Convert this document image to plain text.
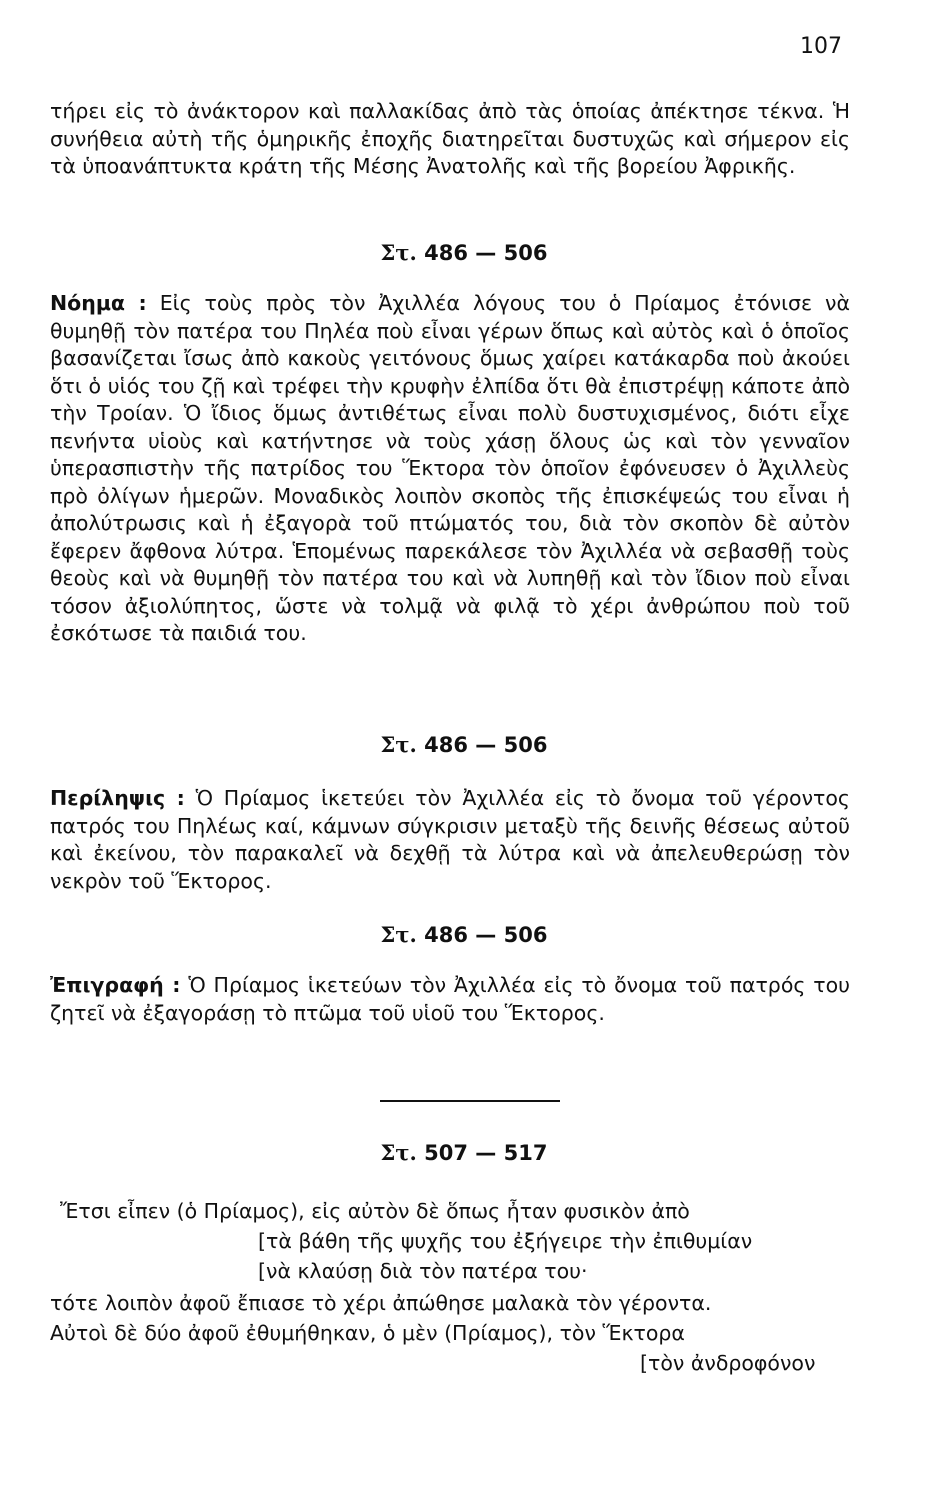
107

τήρει εἰς τὸ ἀνάκτορον καὶ παλλακίδας ἀπὸ τὰς ὁποίας ἀπέκτησε τέκνα. Ἡ συνήθεια αὐτὴ τῆς ὁμηρικῆς ἐποχῆς διατηρεῖται δυστυχῶς καὶ σήμερον εἰς τὰ ὑποανάπτυκτα κράτη τῆς Μέσης Ἀνατολῆς καὶ τῆς βορείου Ἀφρικῆς.

Στ. 486 — 506

Νόημα : Εἰς τοὺς πρὸς τὸν Ἀχιλλέα λόγους του ὁ Πρίαμος ἐτόνισε νὰ θυμηθῇ τὸν πατέρα του Πηλέα ποὺ εἶναι γέρων ὅπως καὶ αὐτὸς καὶ ὁ ὁποῖος βασανίζεται ἴσως ἀπὸ κακοὺς γειτόνους ὅμως χαίρει κατάκαρδα ποὺ ἀκούει ὅτι ὁ υἱός του ζῇ καὶ τρέφει τὴν κρυφὴν ἐλπίδα ὅτι θὰ ἐπιστρέψῃ κάποτε ἀπὸ τὴν Τροίαν. Ὁ ἴδιος ὅμως ἀντιθέτως εἶναι πολὺ δυστυχισμένος, διότι εἶχε πενήντα υἱοὺς καὶ κατήντησε νὰ τοὺς χάσῃ ὅλους ὡς καὶ τὸν γενναῖον ὑπερασπιστὴν τῆς πατρίδος του Ἕκτορα τὸν ὁποῖον ἐφόνευσεν ὁ Ἀχιλλεὺς πρὸ ὀλίγων ἡμερῶν. Μοναδικὸς λοιπὸν σκοπὸς τῆς ἐπισκέψεώς του εἶναι ἡ ἀπολύτρωσις καὶ ἡ ἐξαγορὰ τοῦ πτώματός του, διὰ τὸν σκοπὸν δὲ αὐτὸν ἔφερεν ἄφθονα λύτρα. Ἑπομένως παρεκάλεσε τὸν Ἀχιλλέα νὰ σεβασθῇ τοὺς θεοὺς καὶ νὰ θυμηθῇ τὸν πατέρα του καὶ νὰ λυπηθῇ καὶ τὸν ἴδιον ποὺ εἶναι τόσον ἀξιολύπητος, ὥστε νὰ τολμᾷ νὰ φιλᾷ τὸ χέρι ἀνθρώπου ποὺ τοῦ ἐσκότωσε τὰ παιδιά του.

Στ. 486 — 506

Περίληψις : Ὁ Πρίαμος ἱκετεύει τὸν Ἀχιλλέα εἰς τὸ ὄνομα τοῦ γέροντος πατρός του Πηλέως καί, κάμνων σύγκρισιν μεταξὺ τῆς δεινῆς θέσεως αὐτοῦ καὶ ἐκείνου, τὸν παρακαλεῖ νὰ δεχθῇ τὰ λύτρα καὶ νὰ ἀπελευθερώσῃ τὸν νεκρὸν τοῦ Ἕκτορος.

Στ. 486 — 506

Ἐπιγραφή : Ὁ Πρίαμος ἱκετεύων τὸν Ἀχιλλέα εἰς τὸ ὄνομα τοῦ πατρός του ζητεῖ νὰ ἐξαγοράσῃ τὸ πτῶμα τοῦ υἱοῦ του Ἕκτορος.

Στ. 507 — 517

Ἔτσι εἶπεν (ὁ Πρίαμος), εἰς αὐτὸν δὲ ὅπως ἦταν φυσικὸν ἀπὸ

[τὰ βάθη τῆς ψυχῆς του ἐξήγειρε τὴν ἐπιθυμίαν

[νὰ κλαύσῃ διὰ τὸν πατέρα του·

τότε λοιπὸν ἀφοῦ ἔπιασε τὸ χέρι ἀπώθησε μαλακὰ τὸν γέροντα.

Αὐτοὶ δὲ δύο ἀφοῦ ἐθυμήθηκαν, ὁ μὲν (Πρίαμος), τὸν Ἕκτορα

[τὸν ἀνδροφόνον
